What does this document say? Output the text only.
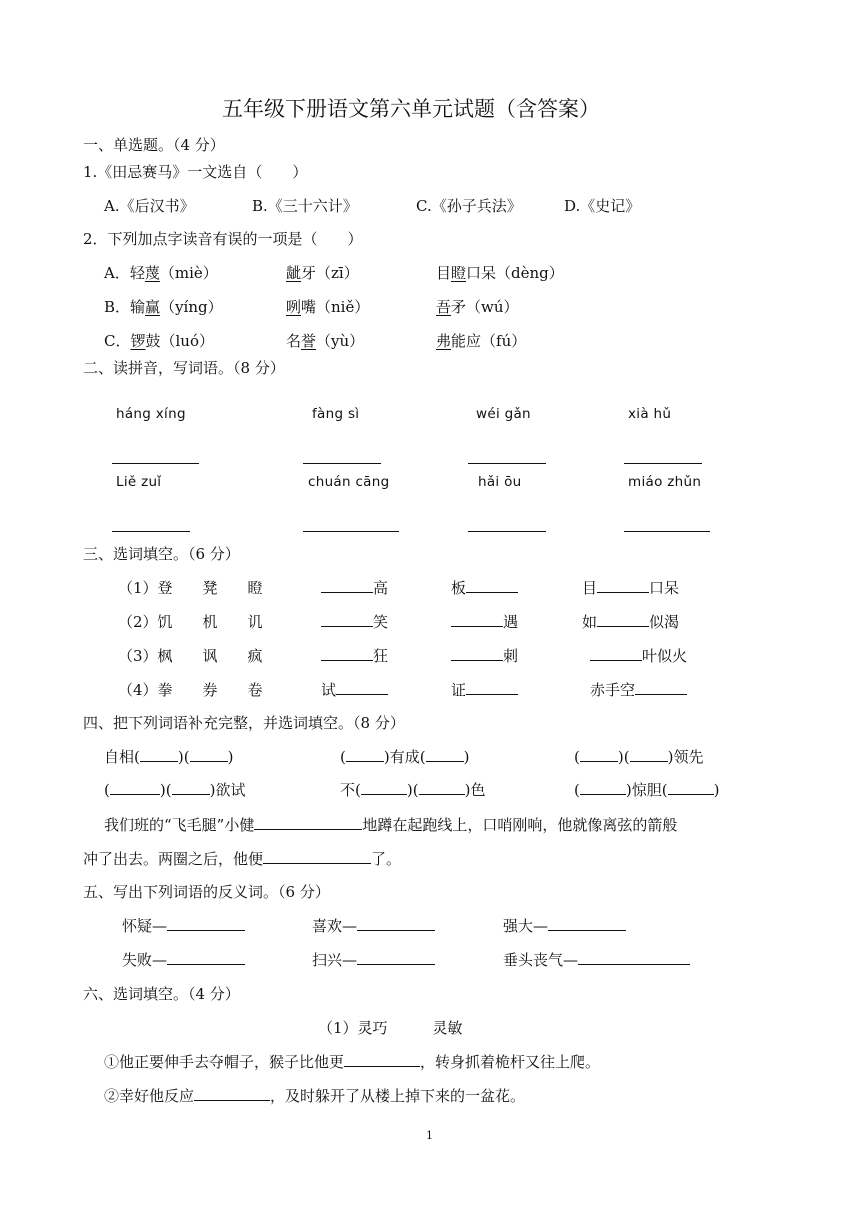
五年级下册语文第六单元试题（含答案）
一、单选题。（4 分）
1.《田忌赛马》一文选自（　　）
A.《后汉书》	B.《三十六计》	C.《孙子兵法》	D.《史记》
2．下列加点字读音有误的一项是（　　）
A．轻蔑（miè）	龇牙（zī）	目瞪口呆（dèng）
B．输赢（yíng）	咧嘴（niě）	吾矛（wú）
C．锣鼓（luó）	名誉（yù）	弗能应（fú）
二、读拼音，写词语。（8 分）
háng xíng	fàng sì	wéi gǎn	xià hǔ
Liě zuǐ	chuán cāng	hǎi ōu	miáo zhǔn
三、选词填空。（6 分）
（1）登　　凳　　瞪	高	板	目	口呆
（2）饥　　机　　讥	笑	遇	如	似渴
（3）枫　　讽　　疯	狂	刺	叶似火
（4）拳　　券　　卷	试	证	赤手空
四、把下列词语补充完整，并选词填空。（8 分）
自相(	)(	)	(	)有成(	)	(	)(	)领先
(	)(	)欲试	不(	)(	)色	(	)惊胆(	)
我们班的“飞毛腿”小健	地蹲在起跑线上，口哨刚响，他就像离弦的箭般
冲了出去。两圈之后，他便	了。
五、写出下列词语的反义词。（6 分）
怀疑—	喜欢—	强大—
失败—	扫兴—	垂头丧气—
六、选词填空。（4 分）
（1）灵巧　　　灵敏
①他正要伸手去夺帽子，猴子比他更	，转身抓着桅杆又往上爬。
②幸好他反应	，及时躲开了从楼上掉下来的一盆花。
1
